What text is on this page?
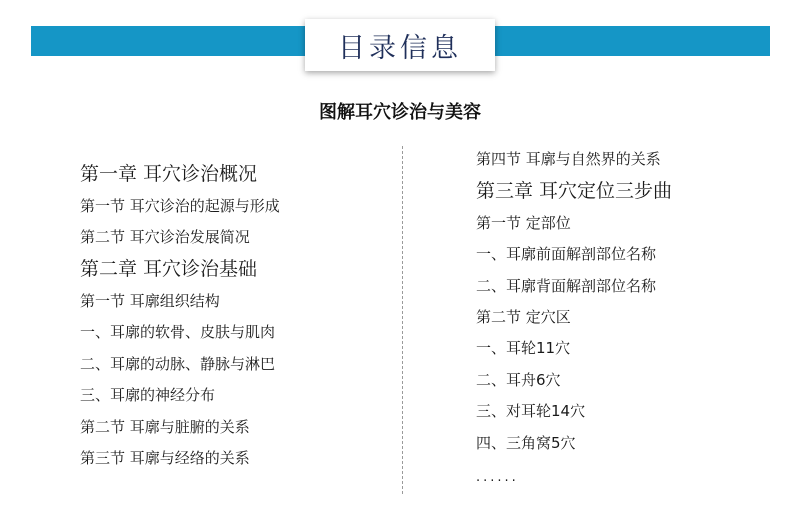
目录信息
图解耳穴诊治与美容
第一章 耳穴诊治概况
第一节 耳穴诊治的起源与形成
第二节 耳穴诊治发展简况
第二章 耳穴诊治基础
第一节 耳廓组织结构
一、耳廓的软骨、皮肤与肌肉
二、耳廓的动脉、静脉与淋巴
三、耳廓的神经分布
第二节 耳廓与脏腑的关系
第三节 耳廓与经络的关系
第四节 耳廓与自然界的关系
第三章 耳穴定位三步曲
第一节 定部位
一、耳廓前面解剖部位名称
二、耳廓背面解剖部位名称
第二节 定穴区
一、耳轮11穴
二、耳舟6穴
三、对耳轮14穴
四、三角窝5穴
......
